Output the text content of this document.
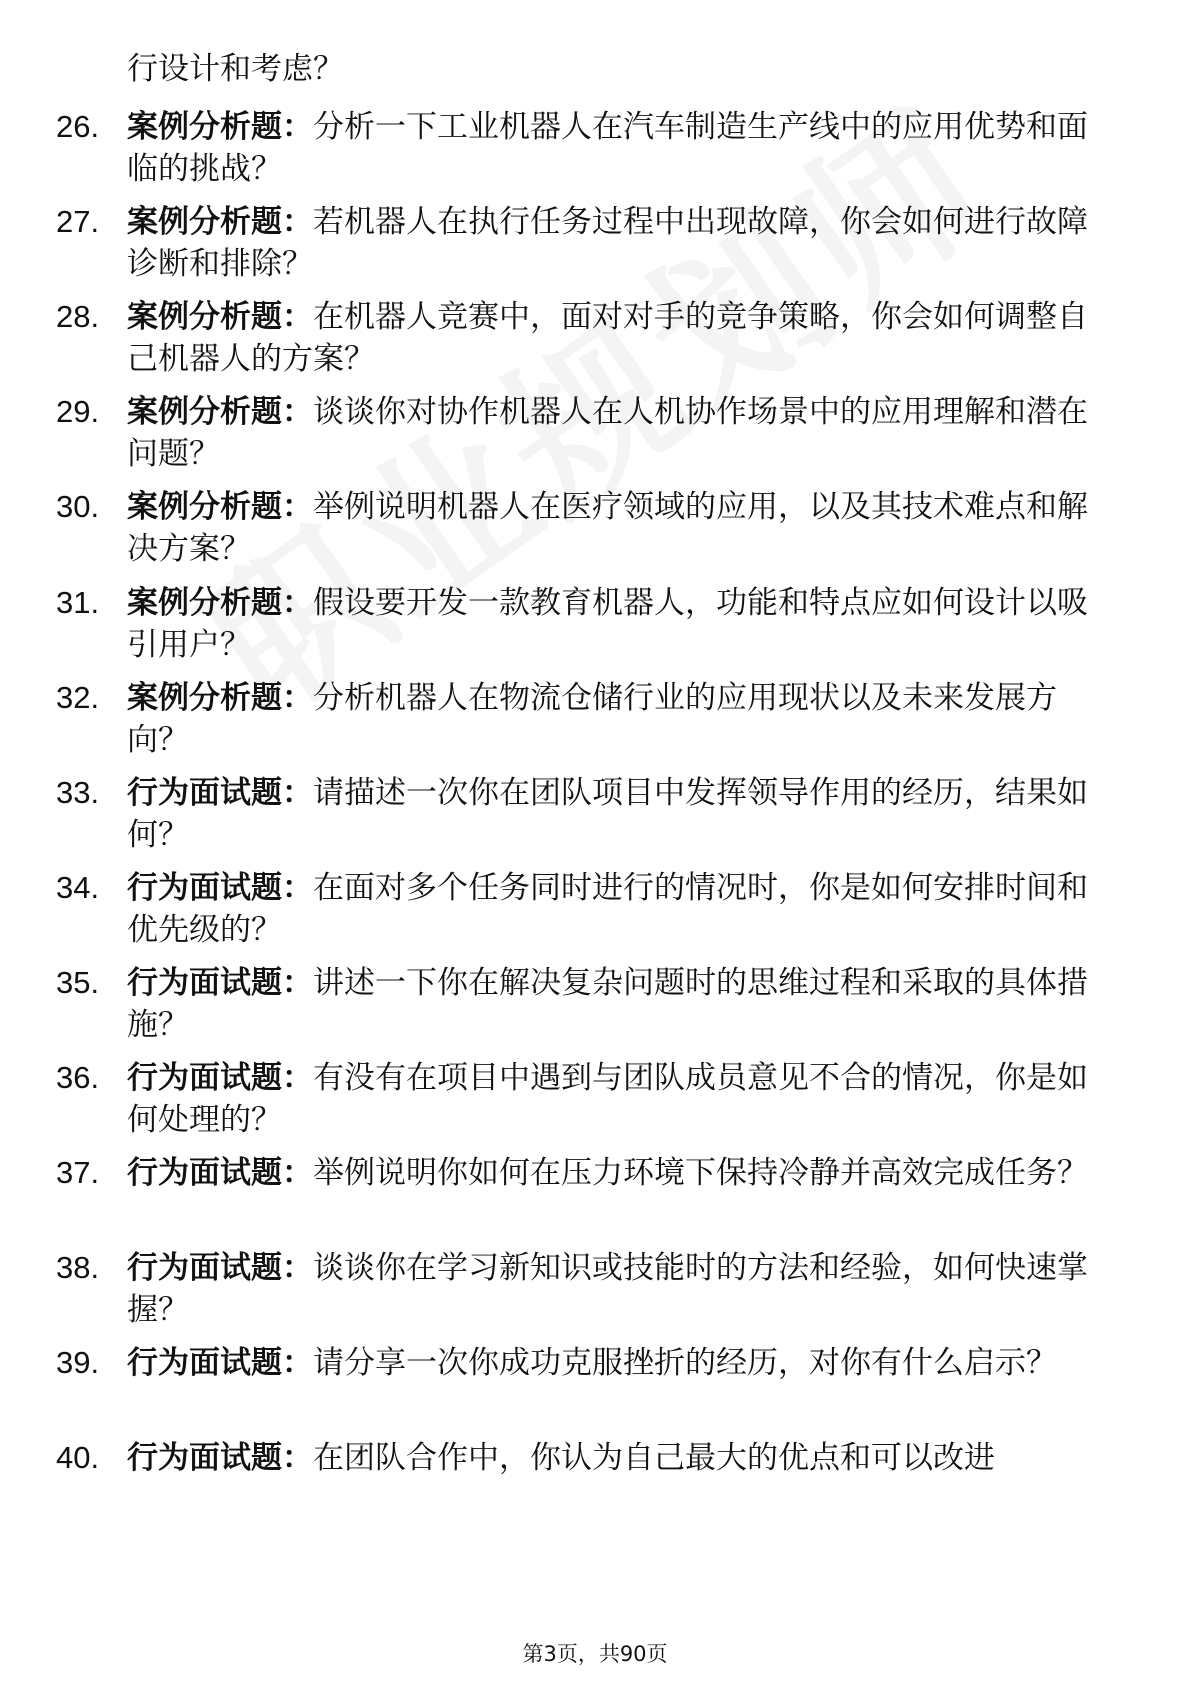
行设计和考虑？
26. 案例分析题：分析一下工业机器人在汽车制造生产线中的应用优势和面临的挑战？
27. 案例分析题：若机器人在执行任务过程中出现故障，你会如何进行故障诊断和排除？
28. 案例分析题：在机器人竞赛中，面对对手的竞争策略，你会如何调整自己机器人的方案？
29. 案例分析题：谈谈你对协作机器人在人机协作场景中的应用理解和潜在问题？
30. 案例分析题：举例说明机器人在医疗领域的应用，以及其技术难点和解决方案？
31. 案例分析题：假设要开发一款教育机器人，功能和特点应如何设计以吸引用户？
32. 案例分析题：分析机器人在物流仓储行业的应用现状以及未来发展方向？
33. 行为面试题：请描述一次你在团队项目中发挥领导作用的经历，结果如何？
34. 行为面试题：在面对多个任务同时进行的情况时，你是如何安排时间和优先级的？
35. 行为面试题：讲述一下你在解决复杂问题时的思维过程和采取的具体措施？
36. 行为面试题：有没有在项目中遇到与团队成员意见不合的情况，你是如何处理的？
37. 行为面试题：举例说明你如何在压力环境下保持冷静并高效完成任务？
38. 行为面试题：谈谈你在学习新知识或技能时的方法和经验，如何快速掌握？
39. 行为面试题：请分享一次你成功克服挫折的经历，对你有什么启示？
40. 行为面试题：在团队合作中，你认为自己最大的优点和可以改进
第3页，共90页
